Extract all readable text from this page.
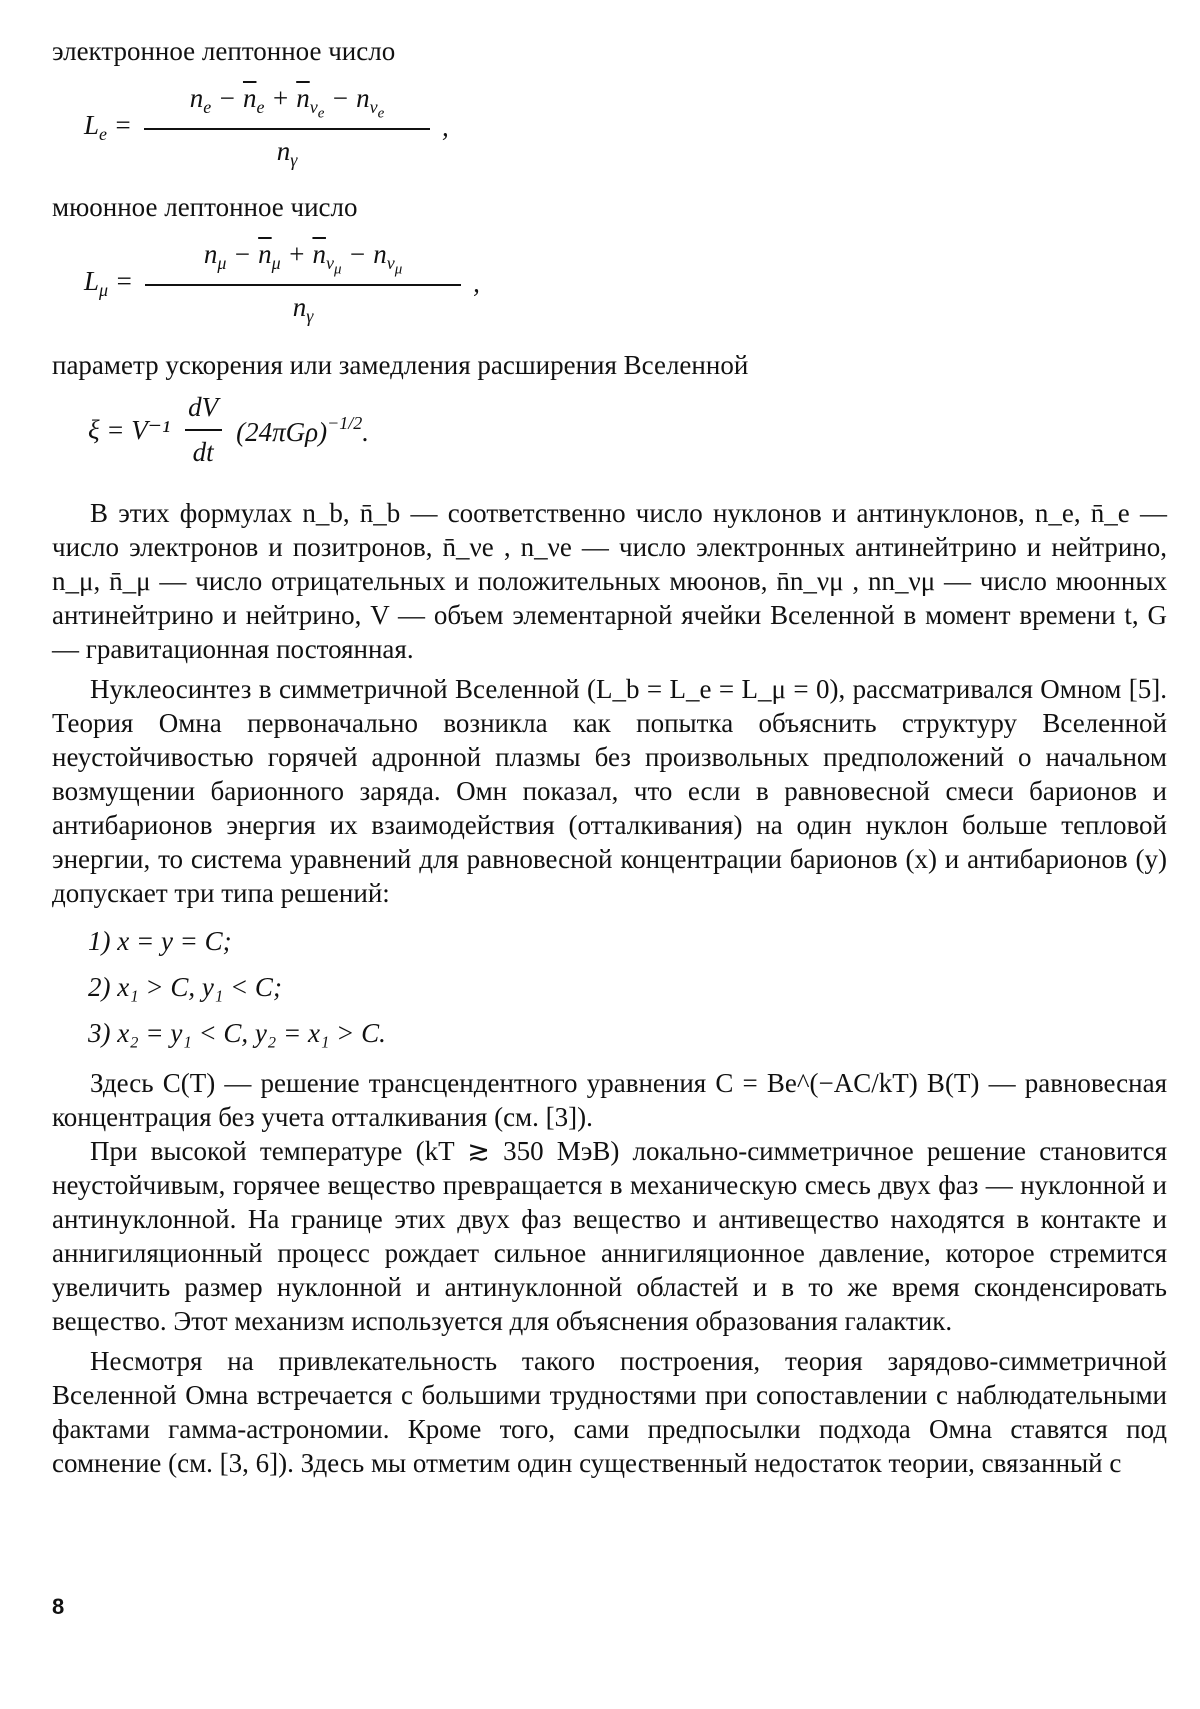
электронное лептонное число

$L_e = \frac{n_e - \overline{n}_e + \overline{n}_{\nu_e} - n_{\nu_e}}{n_\gamma}$ ,

мюонное лептонное число

$L_\mu = \frac{n_\mu - \overline{n}_\mu + \overline{n}_{\nu_\mu} - n_{\nu_\mu}}{n_\gamma}$ ,

параметр ускорения или замедления расширения Вселенной

$\xi = V^{-1} \frac{dV}{dt} (24\pi G\rho)^{-1/2}$.

В этих формулах n_b, n̄_b — соответственно число нуклонов и антинуклонов, n_e, n̄_e — число электронов и позитронов, n̄_νe , n_νe — число электронных антинейтрино и нейтрино, n_μ, n̄_μ — число отрицательных и положительных мюонов, n̄n_νμ , nn_νμ — число мюонных антинейтрино и нейтрино, V — объем элементарной ячейки Вселенной в момент времени t, G — гравитационная постоянная.

Нуклеосинтез в симметричной Вселенной (L_b = L_e = L_μ = 0), рассматривался Омном [5]. Теория Омна первоначально возникла как попытка объяснить структуру Вселенной неустойчивостью горячей адронной плазмы без произвольных предположений о начальном возмущении барионного заряда. Омн показал, что если в равновесной смеси барионов и антибарионов энергия их взаимодействия (отталкивания) на один нуклон больше тепловой энергии, то система уравнений для равновесной концентрации барионов (x) и антибарионов (y) допускает три типа решений:

1) x = y = C;
2) x₁ > C, y₁ < C;
3) x₂ = y₁ < C, y₂ = x₁ > C.

Здесь C(T) — решение трансцендентного уравнения C = Be^(−AC/kT) B(T) — равновесная концентрация без учета отталкивания (см. [3]).

При высокой температуре (kT ≳ 350 МэВ) локально-симметричное решение становится неустойчивым, горячее вещество превращается в механическую смесь двух фаз — нуклонной и антинуклонной. На границе этих двух фаз вещество и антивещество находятся в контакте и аннигиляционный процесс рождает сильное аннигиляционное давление, которое стремится увеличить размер нуклонной и антинуклонной областей и в то же время сконденсировать вещество. Этот механизм используется для объяснения образования галактик.

Несмотря на привлекательность такого построения, теория зарядово-симметричной Вселенной Омна встречается с большими трудностями при сопоставлении с наблюдательными фактами гамма-астрономии. Кроме того, сами предпосылки подхода Омна ставятся под сомнение (см. [3, 6]). Здесь мы отметим один существенный недостаток теории, связанный с

8
